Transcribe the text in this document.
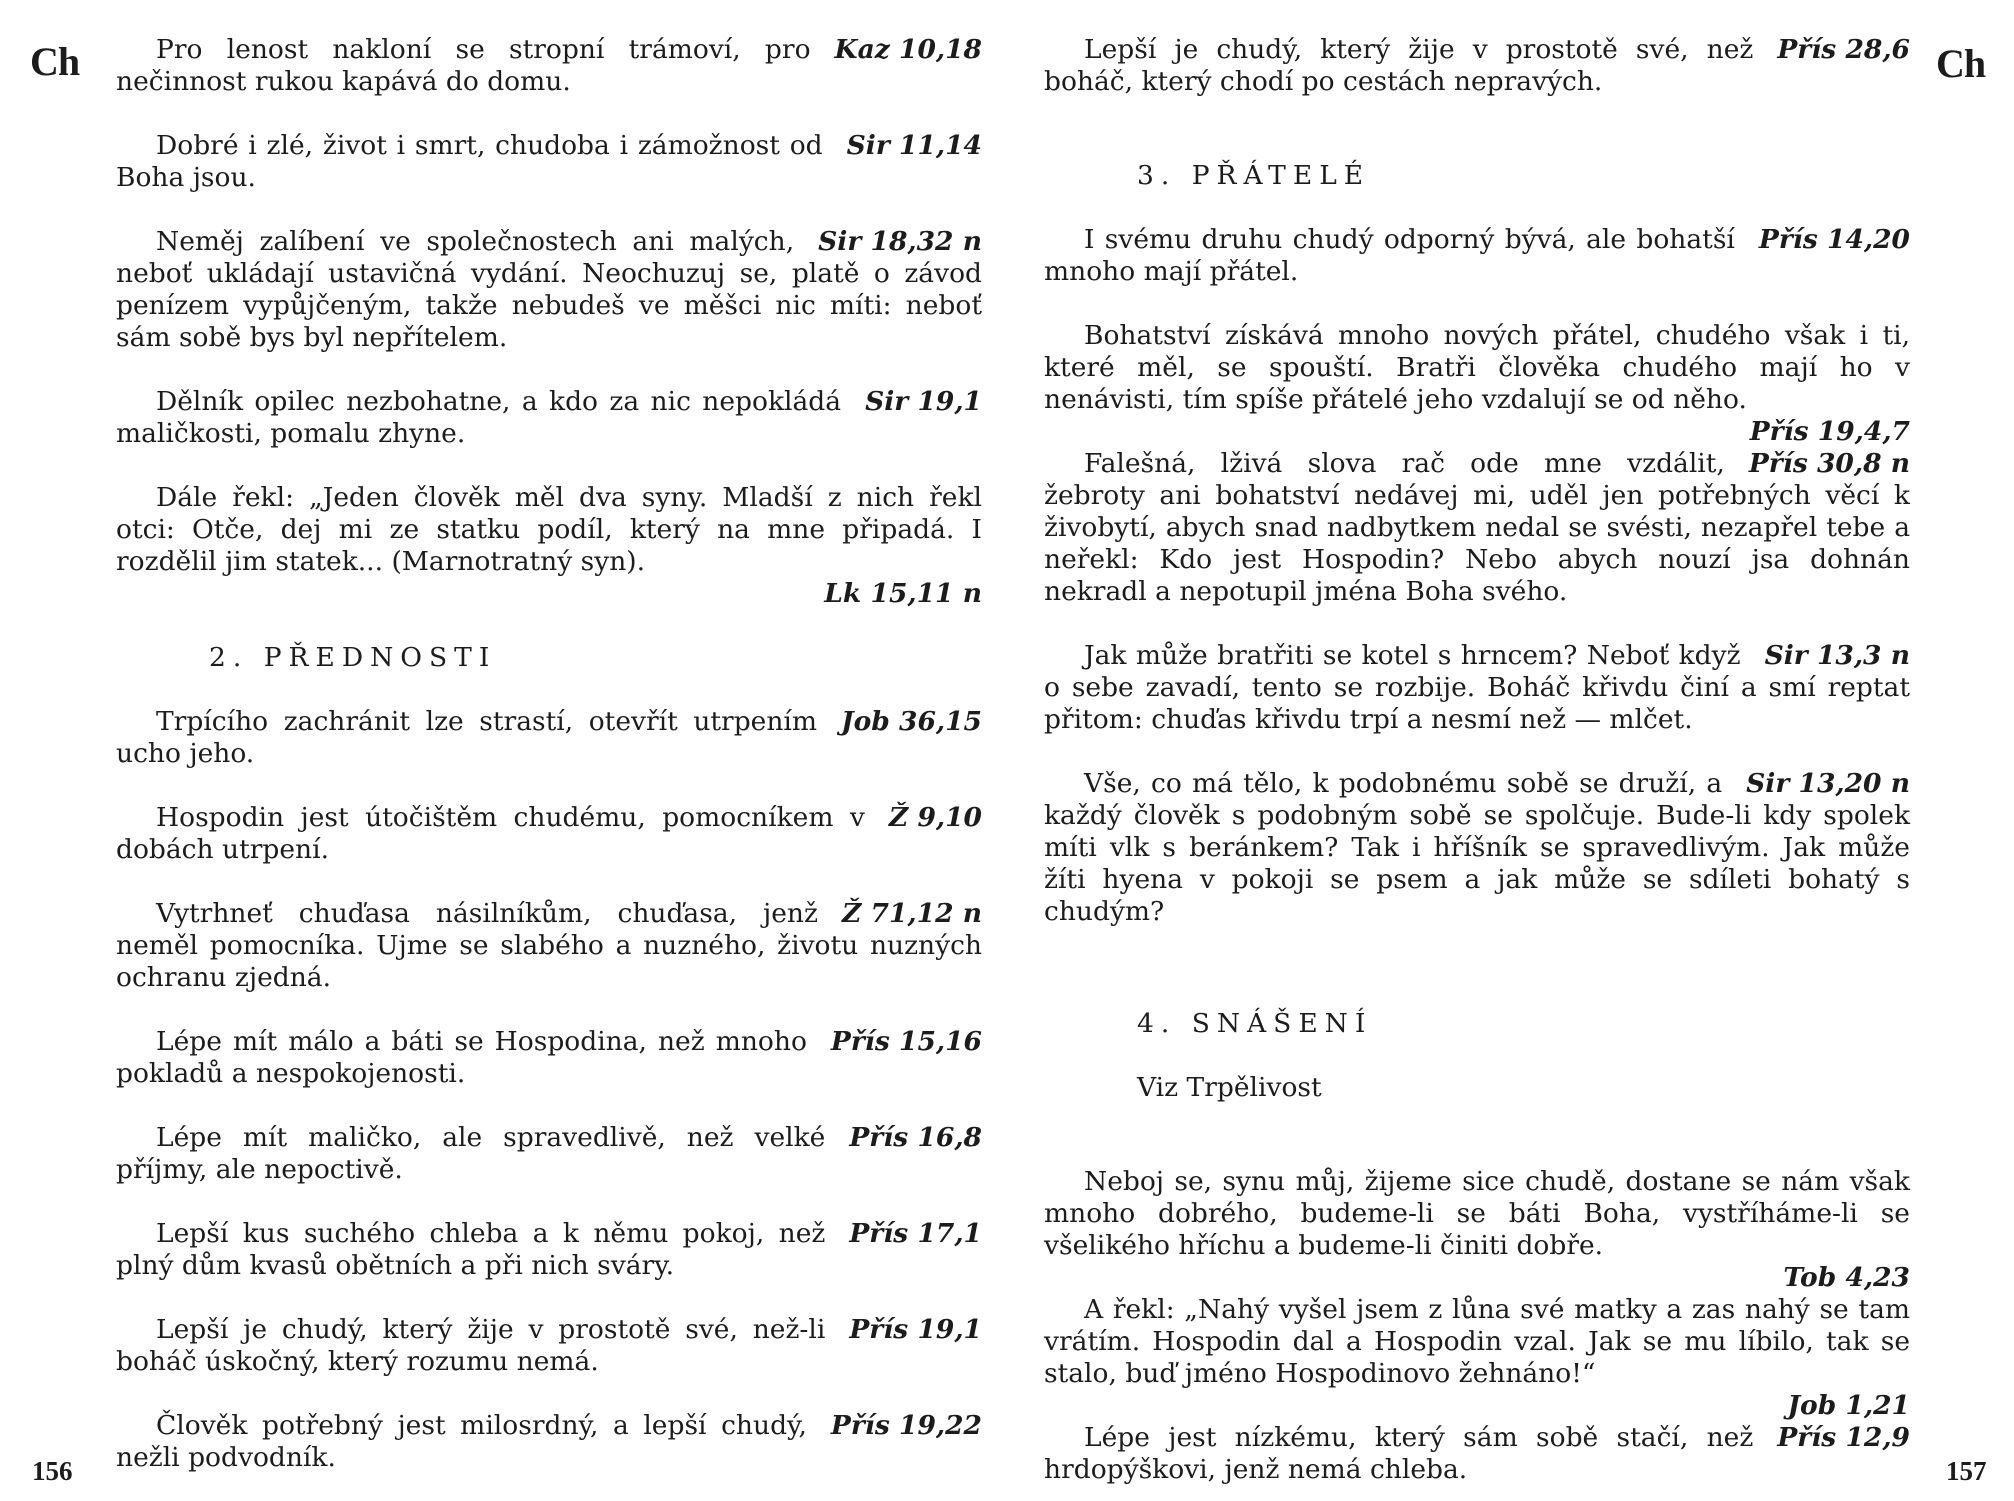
Ch	Ch
156	157

Kaz 10,18
Pro lenost nakloní se stropní trámoví, pro nečinnost rukou kapává do domu.

Sir 11,14
Dobré i zlé, život i smrt, chudoba i zámožnost od Boha jsou.

Sir 18,32 n
Neměj zalíbení ve společnostech ani malých, neboť ukládají ustavičná vydání. Neochuzuj se, platě o závod penízem vypůjčeným, takže nebudeš ve měšci nic míti: neboť sám sobě bys byl nepřítelem.

Sir 19,1
Dělník opilec nezbohatne, a kdo za nic nepokládá maličkosti, pomalu zhyne.

Dále řekl: „Jeden člověk měl dva syny. Mladší z nich řekl otci: Otče, dej mi ze statku podíl, který na mne připadá. I rozdělil jim statek... (Marnotratný syn).
Lk 15,11 n

2. PŘEDNOSTI

Job 36,15
Trpícího zachránit lze strastí, otevřít utrpením ucho jeho.

Ž 9,10
Hospodin jest útočištěm chudému, pomocníkem v dobách utrpení.

Ž 71,12 n
Vytrhneť chuďasa násilníkům, chuďasa, jenž neměl pomocníka. Ujme se slabého a nuzného, životu nuzných ochranu zjedná.

Přís 15,16
Lépe mít málo a báti se Hospodina, než mnoho pokladů a nespokojenosti.

Přís 16,8
Lépe mít maličko, ale spravedlivě, než velké příjmy, ale nepoctivě.

Přís 17,1
Lepší kus suchého chleba a k němu pokoj, než plný dům kvasů obětních a při nich sváry.

Přís 19,1
Lepší je chudý, který žije v prostotě své, než-li boháč úskočný, který rozumu nemá.

Přís 19,22
Člověk potřebný jest milosrdný, a lepší chudý, nežli podvodník.

Přís 28,6
Lepší je chudý, který žije v prostotě své, než boháč, který chodí po cestách nepravých.

3. PŘÁTELÉ

Přís 14,20
I svému druhu chudý odporný bývá, ale bohatší mnoho mají přátel.

Bohatství získává mnoho nových přátel, chudého však i ti, které měl, se spouští. Bratři člověka chudého mají ho v nenávisti, tím spíše přátelé jeho vzdalují se od něho.
Přís 19,4,7

Přís 30,8 n
Falešná, lživá slova rač ode mne vzdálit, žebroty ani bohatství nedávej mi, uděl jen potřebných věcí k živobytí, abych snad nadbytkem nedal se svésti, nezapřel tebe a neřekl: Kdo jest Hospodin? Nebo abych nouzí jsa dohnán nekradl a nepotupil jména Boha svého.

Sir 13,3 n
Jak může bratřiti se kotel s hrncem? Neboť když o sebe zavadí, tento se rozbije. Boháč křivdu činí a smí reptat přitom: chuďas křivdu trpí a nesmí než — mlčet.

Sir 13,20 n
Vše, co má tělo, k podobnému sobě se druží, a každý člověk s podobným sobě se spolčuje. Bude-li kdy spolek míti vlk s beránkem? Tak i hříšník se spravedlivým. Jak může žíti hyena v pokoji se psem a jak může se sdíleti bohatý s chudým?

4. SNÁŠENÍ

Viz Trpělivost

Neboj se, synu můj, žijeme sice chudě, dostane se nám však mnoho dobrého, budeme-li se báti Boha, vystříháme-li se všelikého hříchu a budeme-li činiti dobře.
Tob 4,23

A řekl: „Nahý vyšel jsem z lůna své matky a zas nahý se tam vrátím. Hospodin dal a Hospodin vzal. Jak se mu líbilo, tak se stalo, buď jméno Hospodinovo žehnáno!“
Job 1,21

Přís 12,9
Lépe jest nízkému, který sám sobě stačí, než hrdopýškovi, jenž nemá chleba.
